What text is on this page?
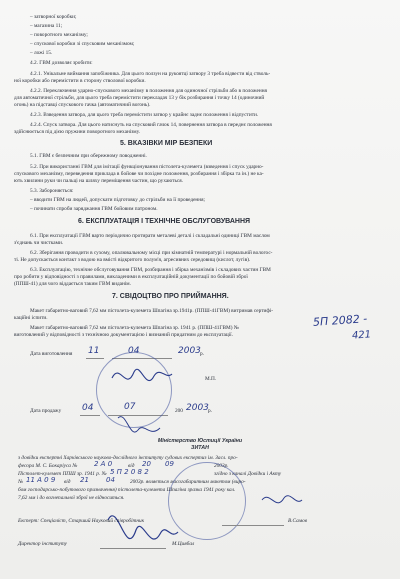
– затворної коробки;
– магазина 11;
– поворотного механізму;
– спускової коробки зі спусковим механізмом;
– ложі 15.
4.2. ГВМ дозволяє зробити:
4.2.1. Унікальне виймання запобіжника. Для цього ползун на рукоятці затвору 3 треба відвести від стволь-
ної коробки або перемістити в сторону стволової коробки.
4.2.2. Переключення ударно-спускового механізму в положення для одиночної стрільби або в положення
для автоматичної стрільби, для цього треба перемістити перекладач 13 у бік розбирання і точку 14 (одиночний
огонь) на підставці спускового гачка (автоматичний вогонь).
4.2.3. Взведення затвора, для цього треба перемістити затвор у крайнє заднє положення і відпустити.
4.2.4. Спуск затвора. Для цього натиснуть на спусковий гачок 14, повернення затвора в переднє положення
здійснюється під дією пружини поворотного механізму.
5. ВКАЗІВКИ МІР БЕЗПЕКИ
5.1. ГВМ є безпечним при обережному поводженні.
5.2. При використанні ГВМ для імітації функціонування пістолета-кулемета (взведення і спуск ударно-
спускового механізму, переведення приклада в бойове чи похідне положення, розбирання і збірка та ін.) не ка-
ють хвилини руки чи пальці на шляху переміщення частин, що рухаються.
5.3. Забороняється:
– вводити ГВМ на людей, допускати підготовку до стрільби на її проведення;
– починати спроби заряджання ГВМ бойовим патроном.
6. ЕКСПЛУАТАЦІЯ І ТЕХНІЧНЕ ОБСЛУГОВУВАННЯ
6.1. При експлуатації ГВМ варто періодично протирати металеві деталі і складальні одиниці ГВМ маслом
з'єднань чи чистками.
6.2. Зберігання проводити в сухому, опалювальному місці при кімнатній температурі і нормальній вологос-
ті. Не допускається контакт з водою на вмісті відкритого полум'я, агресивних середовищ (кислот, лугів).
6.3. Експлуатацію, технічне обслуговування ГВМ, розбирання і збірка механізмів і складових частин ГВМ
про робити у відповідності з правилами, викладеними в експлуатаційній документації по бойовій зброї
(ППШ-41) для чого віддається таким ГВМ виданім.
7. СВІДОЦТВО ПРО ПРИЙМАННЯ.
Макет габаритно-ваговий 7,62 мм пістолета-кулемета Шпагіна зр.1941р. (ППШ-41ГВМ) витримав сертифі-
каційні іспити.
Макет габаритно-ваговий 7,62 мм пістолета-кулемета Шпагіна зр. 1941 р. (ППШ-41ГВМ) №
виготовлений у відповідності з технічною документацією і визнаний придатним до експлуатації.
5П 2082 -
421
Дата виготовлення 11	04	2003 р.
М.П.
Дата продажу 04	07	200 2003 р.
Міністерство Юстиції України
ЗИТАН
з довідки експертні Харківського науково-дослідного інституту судових експертиз ім. Засл. про-
фесора М. С. Бокаріуса № 2 А 0	від 20 09	2003р.
Пістолет-кулемет ППШ зр. 1941 р. № 5 П 2 0 8 2	згідно з каналі Довідки і Акту
№ 11 А 0 9 від 21 04	2003р. являється масогабаритним макетом (виро-
бом господарсько-побутового призначення) пістолета-кулемета Шпагіна зразка 1941 року кал.
7,62 мм і до вогнепальної зброї не відноситься.
Експерт: Спеціаліст, Старший Науковий співробітник	В.Самов
Директор інституту	М.Циябал
